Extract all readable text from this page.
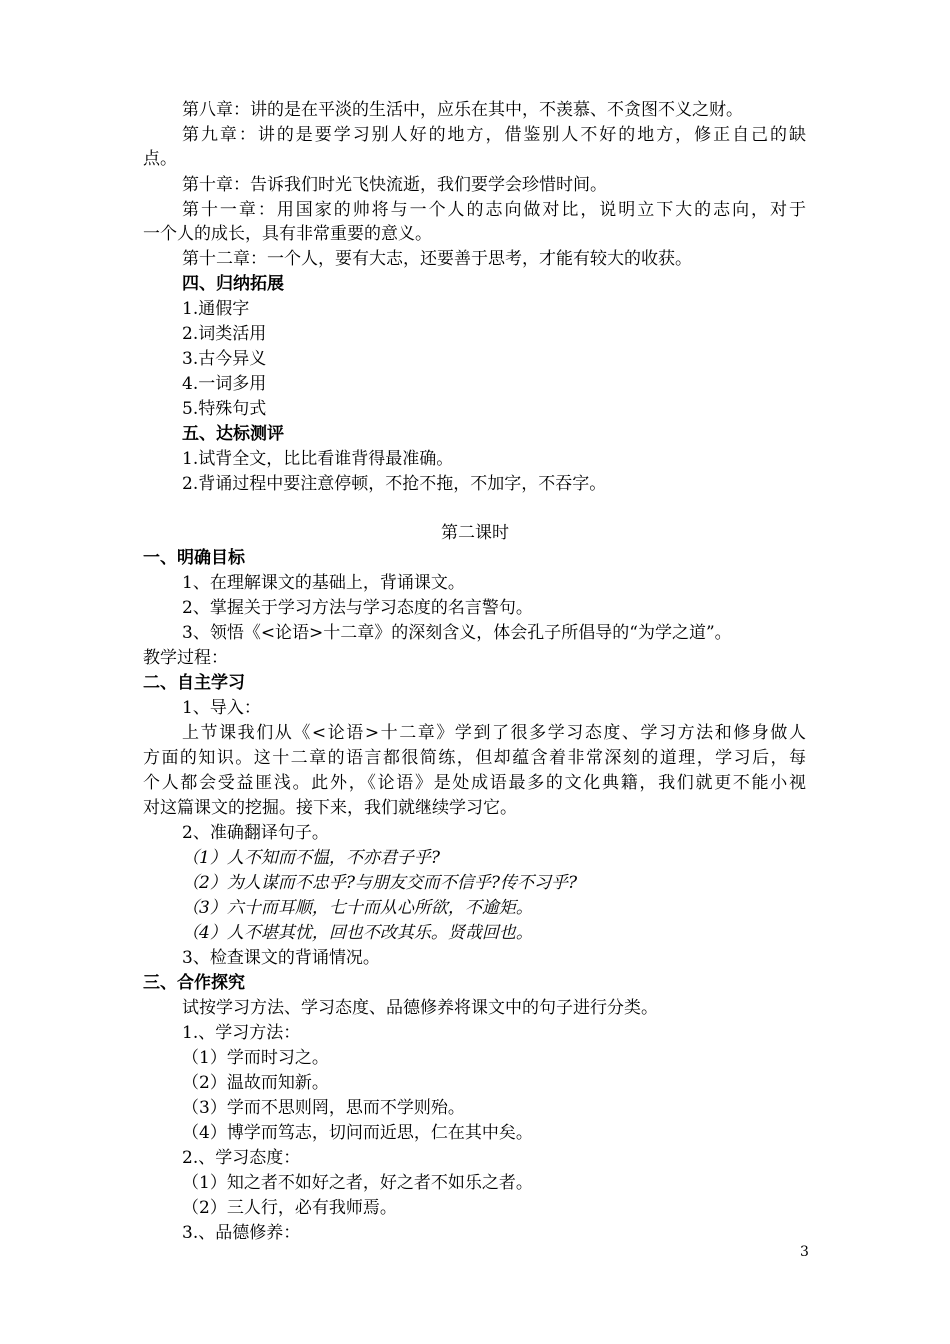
第八章：讲的是在平淡的生活中，应乐在其中，不羡慕、不贪图不义之财。
第九章：讲的是要学习别人好的地方，借鉴别人不好的地方，修正自己的缺
点。
第十章：告诉我们时光飞快流逝，我们要学会珍惜时间。
第十一章：用国家的帅将与一个人的志向做对比，说明立下大的志向，对于
一个人的成长，具有非常重要的意义。
第十二章：一个人，要有大志，还要善于思考，才能有较大的收获。
四、归纳拓展
1.通假字
2.词类活用
3.古今异义
4.一词多用
5.特殊句式
五、达标测评
1.试背全文，比比看谁背得最准确。
2.背诵过程中要注意停顿，不抢不拖，不加字，不吞字。
第二课时
一、明确目标
1、在理解课文的基础上，背诵课文。
2、掌握关于学习方法与学习态度的名言警句。
3、领悟《<论语>十二章》的深刻含义，体会孔子所倡导的“为学之道”。
教学过程：
二、自主学习
1、导入：
上节课我们从《<论语>十二章》学到了很多学习态度、学习方法和修身做人
方面的知识。这十二章的语言都很简练，但却蕴含着非常深刻的道理，学习后，每
个人都会受益匪浅。此外，《论语》是处成语最多的文化典籍，我们就更不能小视
对这篇课文的挖掘。接下来，我们就继续学习它。
2、准确翻译句子。
（1）人不知而不愠，不亦君子乎?
（2）为人谋而不忠乎?与朋友交而不信乎?传不习乎?
（3）六十而耳顺，七十而从心所欲，不逾矩。
（4）人不堪其忧，回也不改其乐。贤哉回也。
3、检查课文的背诵情况。
三、合作探究
试按学习方法、学习态度、品德修养将课文中的句子进行分类。
1.、学习方法：
（1）学而时习之。
（2）温故而知新。
（3）学而不思则罔，思而不学则殆。
（4）博学而笃志，切问而近思，仁在其中矣。
2.、学习态度：
（1）知之者不如好之者，好之者不如乐之者。
（2）三人行，必有我师焉。
3.、品德修养：
3
